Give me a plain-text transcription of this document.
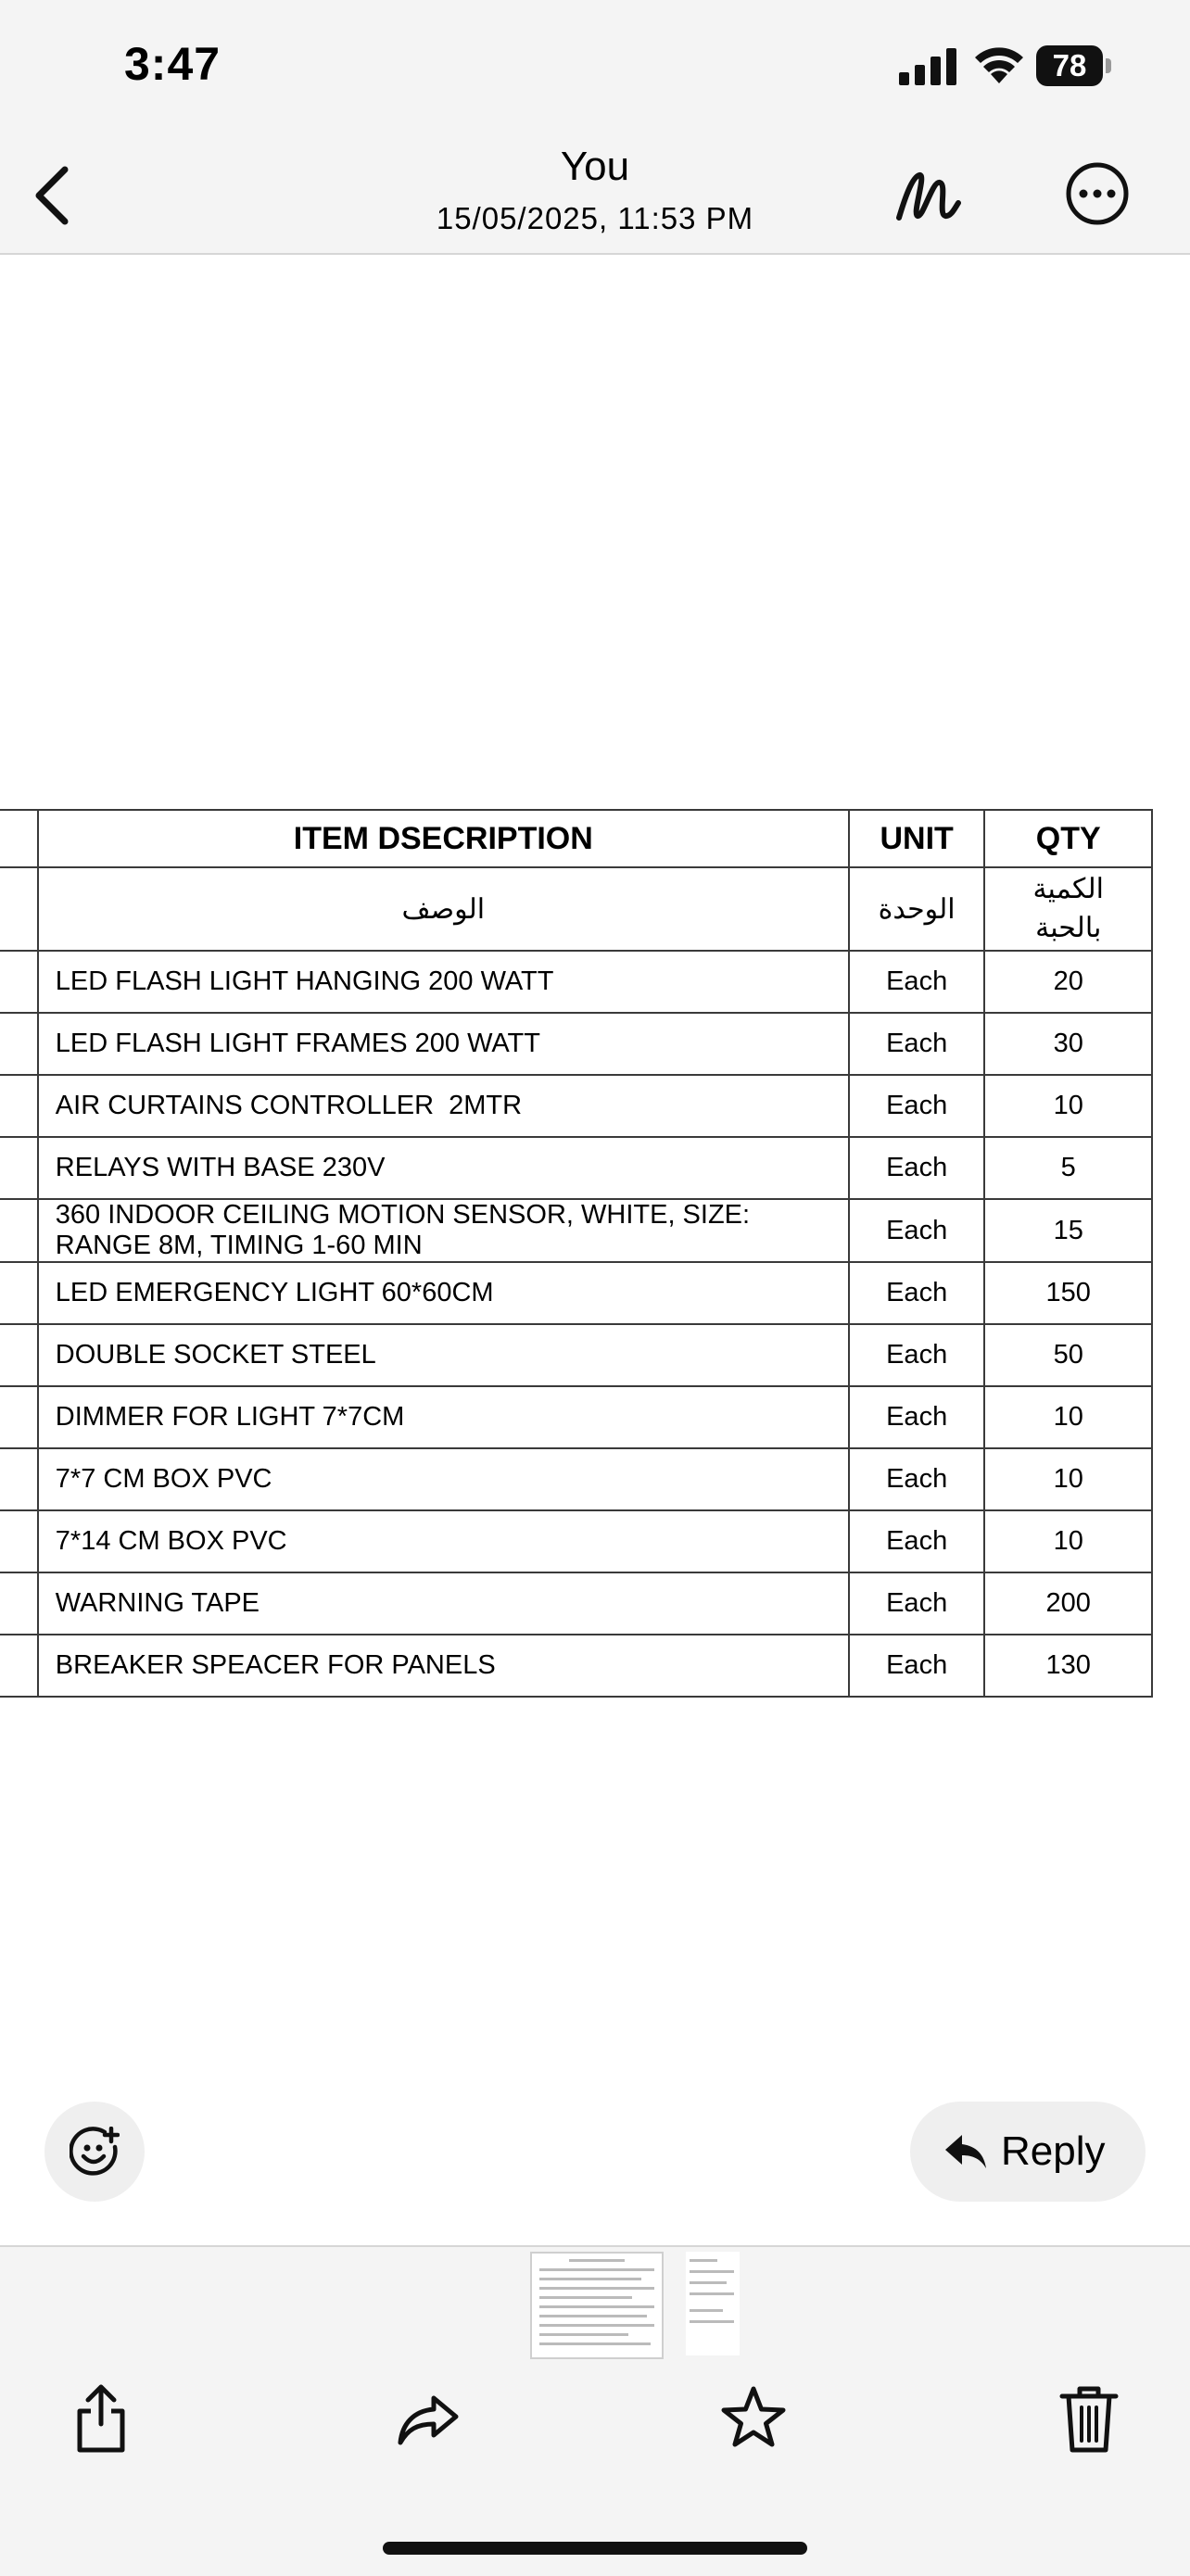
3:47	78
You
15/05/2025, 11:53 PM
	ITEM DSECRIPTION	UNIT	QTY
	الوصف	الوحدة	الكمية
بالحبة

	LED FLASH LIGHT HANGING 200 WATT	Each	20
	LED FLASH LIGHT FRAMES 200 WATT	Each	30
	AIR CURTAINS CONTROLLER  2MTR	Each	10
	RELAYS WITH BASE 230V	Each	5

	360 INDOOR CEILING MOTION SENSOR, WHITE, SIZE:
RANGE 8M, TIMING 1-60 MIN	Each	15
	LED EMERGENCY LIGHT 60*60CM	Each	150
	DOUBLE SOCKET STEEL	Each	50
	DIMMER FOR LIGHT 7*7CM	Each	10
	7*7 CM BOX PVC	Each	10
	7*14 CM BOX PVC	Each	10
	WARNING TAPE	Each	200
	BREAKER SPEACER FOR PANELS	Each	130
Reply
